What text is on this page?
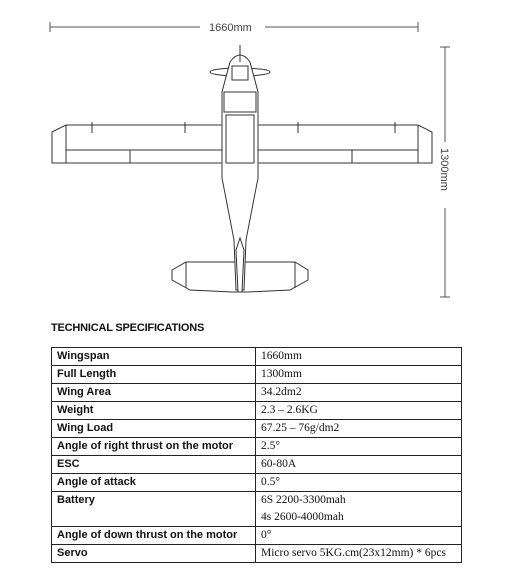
1660mm
1300mm
TECHNICAL SPECIFICATIONS
Wingspan	1660mm

Full Length	1300mm

Wing Area	34.2dm2

Weight	2.3 – 2.6KG

Wing Load	67.25 – 76g/dm2

Angle of right thrust on the motor	2.5°

ESC	60-80A

Angle of attack	0.5°

Battery	6S 2200-3300mah
4s 2600-4000mah

Angle of down thrust on the motor	0°

Servo	Micro servo 5KG.cm(23x12mm) * 6pcs
